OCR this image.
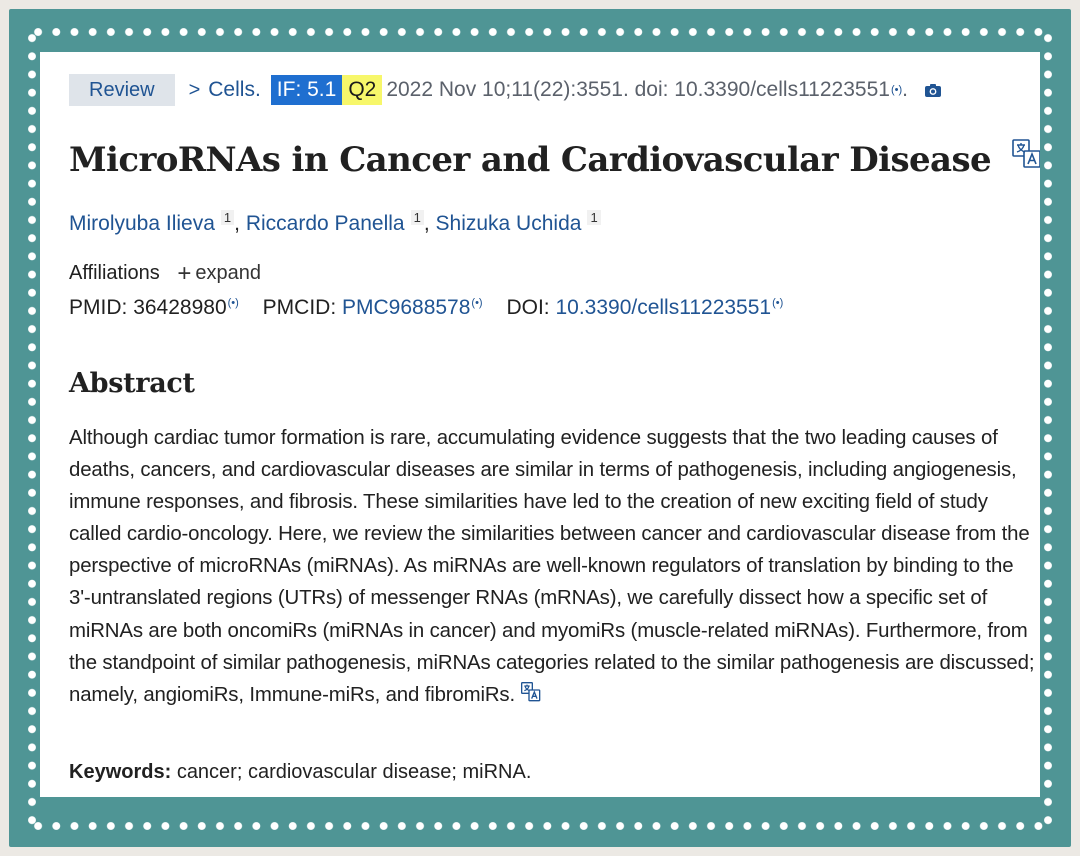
Review	> Cells. IF: 5.1 Q2 2022 Nov 10;11(22):3551. doi: 10.3390/cells11223551 (•) .
MicroRNAs in Cancer and Cardiovascular Disease
Mirolyuba Ilieva 1 , Riccardo Panella 1 , Shizuka Uchida 1
Affiliations + expand
PMID: 36428980(•) PMCID: PMC9688578(•) DOI: 10.3390/cells11223551(•)
Abstract
Although cardiac tumor formation is rare, accumulating evidence suggests that the two leading causes of deaths, cancers, and cardiovascular diseases are similar in terms of pathogenesis, including angiogenesis, immune responses, and fibrosis. These similarities have led to the creation of new exciting field of study called cardio-oncology. Here, we review the similarities between cancer and cardiovascular disease from the perspective of microRNAs (miRNAs). As miRNAs are well-known regulators of translation by binding to the 3'-untranslated regions (UTRs) of messenger RNAs (mRNAs), we carefully dissect how a specific set of miRNAs are both oncomiRs (miRNAs in cancer) and myomiRs (muscle-related miRNAs). Furthermore, from the standpoint of similar pathogenesis, miRNAs categories related to the similar pathogenesis are discussed; namely, angiomiRs, Immune-miRs, and fibromiRs.
Keywords: cancer; cardiovascular disease; miRNA.
